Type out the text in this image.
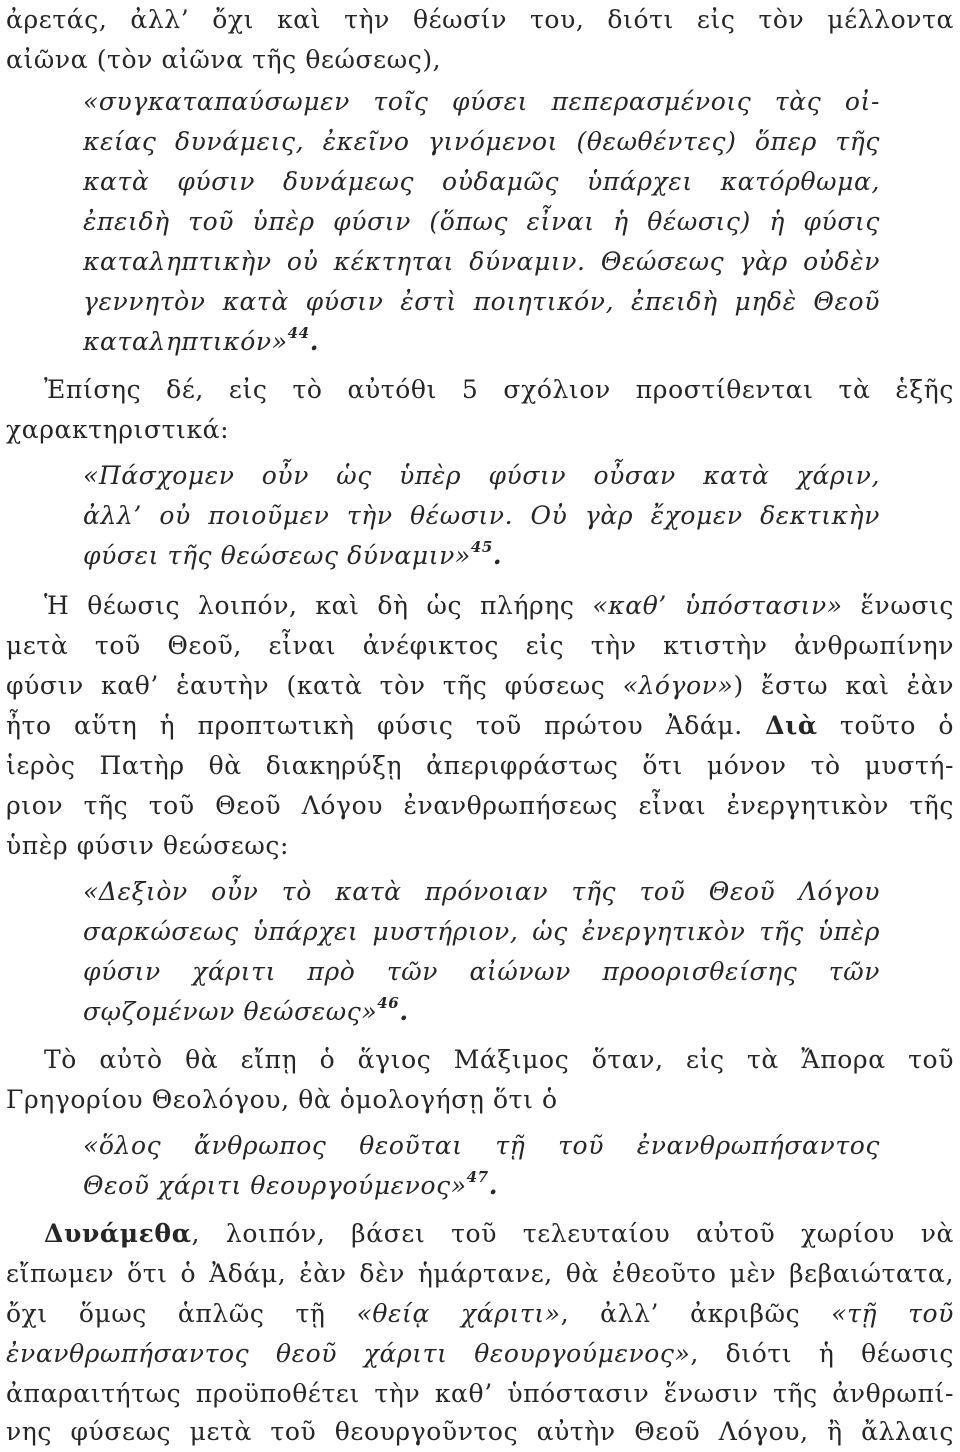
ἀρετάς, ἀλλ’ ὄχι καὶ τὴν θέωσίν του, διότι εἰς τὸν μέλλοντα
αἰῶνα (τὸν αἰῶνα τῆς θεώσεως),
«συγκαταπαύσωμεν τοῖς φύσει πεπερασμένοις τὰς οἰ-
κείας δυνάμεις, ἐκεῖνο γινόμενοι (θεωθέντες) ὅπερ τῆς
κατὰ φύσιν δυνάμεως οὐδαμῶς ὑπάρχει κατόρθωμα,
ἐπειδὴ τοῦ ὑπὲρ φύσιν (ὅπως εἶναι ἡ θέωσις) ἡ φύσις
καταληπτικὴν οὐ κέκτηται δύναμιν. Θεώσεως γὰρ οὐδὲν
γεννητὸν κατὰ φύσιν ἐστὶ ποιητικόν, ἐπειδὴ μηδὲ Θεοῦ
καταληπτικόν»$^{44}$.
Ἐπίσης δέ, εἰς τὸ αὐτόθι 5 σχόλιον προστίθενται τὰ ἑξῆς
χαρακτηριστικά:
«Πάσχομεν οὖν ὡς ὑπὲρ φύσιν οὖσαν κατὰ χάριν,
ἀλλ’ οὐ ποιοῦμεν τὴν θέωσιν. Οὐ γὰρ ἔχομεν δεκτικὴν
φύσει τῆς θεώσεως δύναμιν»$^{45}$.
Ἡ θέωσις λοιπόν, καὶ δὴ ὡς πλήρης «καθ’ ὑπόστασιν» ἕνωσις
μετὰ τοῦ Θεοῦ, εἶναι ἀνέφικτος εἰς τὴν κτιστὴν ἀνθρωπίνην
φύσιν καθ’ ἑαυτὴν (κατὰ τὸν τῆς φύσεως «λόγον») ἔστω καὶ ἐὰν
ἦτο αὕτη ἡ προπτωτικὴ φύσις τοῦ πρώτου Ἀδάμ. Διὰ τοῦτο ὁ
ἱερὸς Πατὴρ θὰ διακηρύξῃ ἀπεριφράστως ὅτι μόνον τὸ μυστή-
ριον τῆς τοῦ Θεοῦ Λόγου ἐνανθρωπήσεως εἶναι ἐνεργητικὸν τῆς
ὑπὲρ φύσιν θεώσεως:
«Δεξιὸν οὖν τὸ κατὰ πρόνοιαν τῆς τοῦ Θεοῦ Λόγου
σαρκώσεως ὑπάρχει μυστήριον, ὡς ἐνεργητικὸν τῆς ὑπὲρ
φύσιν χάριτι πρὸ τῶν αἰώνων προορισθείσης τῶν
σῳζομένων θεώσεως»$^{46}$.
Τὸ αὐτὸ θὰ εἴπῃ ὁ ἅγιος Μάξιμος ὅταν, εἰς τὰ Ἄπορα τοῦ
Γρηγορίου Θεολόγου, θὰ ὁμολογήσῃ ὅτι ὁ
«ὅλος ἄνθρωπος θεοῦται τῇ τοῦ ἐνανθρωπήσαντος
Θεοῦ χάριτι θεουργούμενος»$^{47}$.
Δυνάμεθα, λοιπόν, βάσει τοῦ τελευταίου αὐτοῦ χωρίου νὰ
εἴπωμεν ὅτι ὁ Ἀδάμ, ἐὰν δὲν ἡμάρτανε, θὰ ἐθεοῦτο μὲν βεβαιώτατα,
ὄχι ὅμως ἁπλῶς τῇ «θείᾳ χάριτι», ἀλλ’ ἀκριβῶς «τῇ τοῦ
ἐνανθρωπήσαντος θεοῦ χάριτι θεουργούμενος», διότι ἡ θέωσις
ἀπαραιτήτως προϋποθέτει τὴν καθ’ ὑπόστασιν ἕνωσιν τῆς ἀνθρωπί-
νης φύσεως μετὰ τοῦ θεουργοῦντος αὐτὴν Θεοῦ Λόγου, ἢ ἄλλαις
